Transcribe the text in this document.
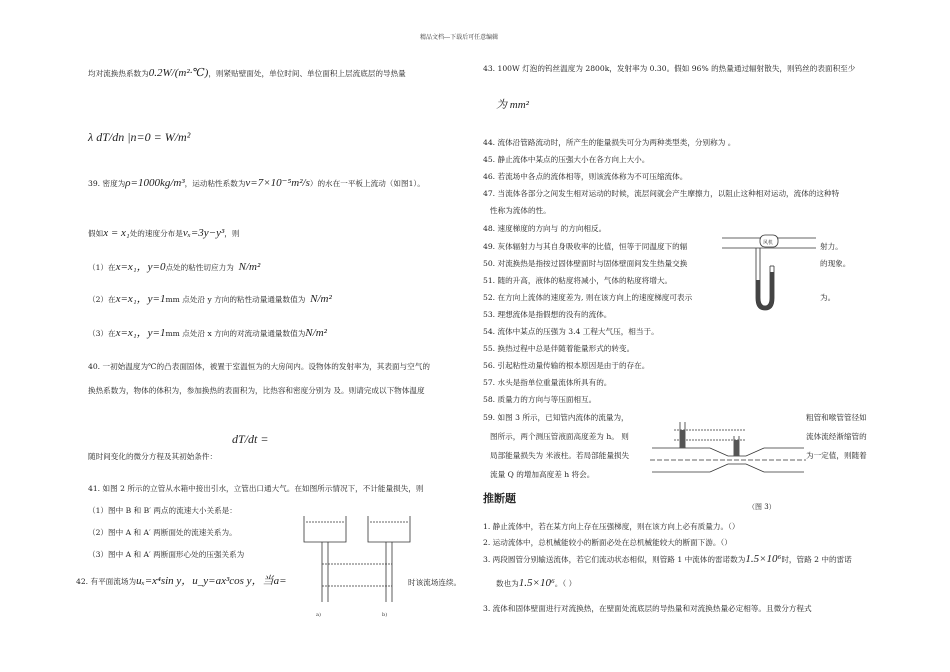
精品文档---下载后可任意编辑
均对流换热系数为0.2W/(m²·℃)，则紧贴壁面处，单位时间、单位面积上层流底层的导热量
λ dT/dn |n=0 = W/m²
39. 密度为ρ=1000kg/m³，运动粘性系数为ν=7×10⁻⁵m²/s）的水在一平板上流动（如图1）。
假如x = x₁处的速度分布是vₓ=3y−y³，则
（1）在x=x₁，y=0点处的粘性切应力为 N/m²
（2）在x=x₁，y=1mm 点处沿 y 方向的粘性动量通量数值为 N/m²
（3）在x=x₁，y=1mm 点处沿 x 方向的对流动量通量数值为N/m²
40. 一初始温度为℃的凸表面固体，被置于室温恒为的大房间内。设物体的发射率为，其表面与空气的
换热系数为，物体的体积为，参加换热的表面积为，比热容和密度分别为 及。则请完成以下物体温度
dT/dt =
随时间变化的微分方程及其初始条件：
41. 如图 2 所示的立管从水箱中接出引水，立管出口通大气。在如图所示情况下，不计能量损失，则
（1）图中 B 和 B′ 两点的流速大小关系是：
（2）图中 A 和 A′ 两断面处的流速关系为。
（3）图中 A 和 A′ 两断面形心处的压强关系为
42. 有平面流场为uₓ=x⁴sin y，u_y=ax³cos y，当a=	时该流场连续。
a)	b)
43. 100W 灯泡的钨丝温度为 2800k，发射率为 0.30。假如 96% 的热量通过辐射散失，则钨丝的表面积至少
为 mm²
44. 流体沿管路流动时，所产生的能量损失可分为两种类型类，分别称为 。
45. 静止流体中某点的压强大小在各方向上大小。
46. 若流场中各点的流体相等，则该流体称为不可压缩流体。
47. 当流体各部分之间发生相对运动的时候，流层间就会产生摩擦力，以阻止这种相对运动，流体的这种特
性称为流体的性。
48. 速度梯度的方向与 的方向相反。
49. 灰体辐射力与其自身吸收率的比值，恒等于同温度下的辐	射力。
50. 对流换热是指按过固体壁面时与固体壁面间发生热量交换	的现象。
51. 随的升高，液体的粘度将减小，气体的粘度将增大。
52. 在方向上流体的速度差为, 则在该方向上的速度梯度可表示	为。
53. 理想流体是指假想的没有的流体。
54. 流体中某点的压强为 3.4 工程大气压，相当于。
55. 换热过程中总是伴随着能量形式的转变。
56. 引起粘性动量传输的根本原因是由于的存在。
57. 水头是指单位重量流体所具有的。
58. 质量力的方向与等压面相互。
风机
59. 如图 3 所示，已知管内流体的流量为，	粗管和喉管管径如
图所示，两个测压管液面高度差为 h。 则	流体流经渐缩管的
局部能量损失为 米液柱。若局部能量损失	为一定值，则随着
流量 Q 的增加高度差 h 将会。
（图 3）
推断题
1. 静止流体中，若在某方向上存在压强梯度，则在该方向上必有质量力。（）
2. 运动流体中，总机械能较小的断面必处在总机械能较大的断面下游。（）
3. 两段圆管分别输送流体，若它们流动状态相似，则管路 1 中流体的雷诺数为1.5×10⁶时，管路 2 中的雷诺
数也为1.5×10⁶。（ ）
3. 流体和固体壁面进行对流换热，在壁面处流底层的导热量和对流换热量必定相等。且微分方程式
